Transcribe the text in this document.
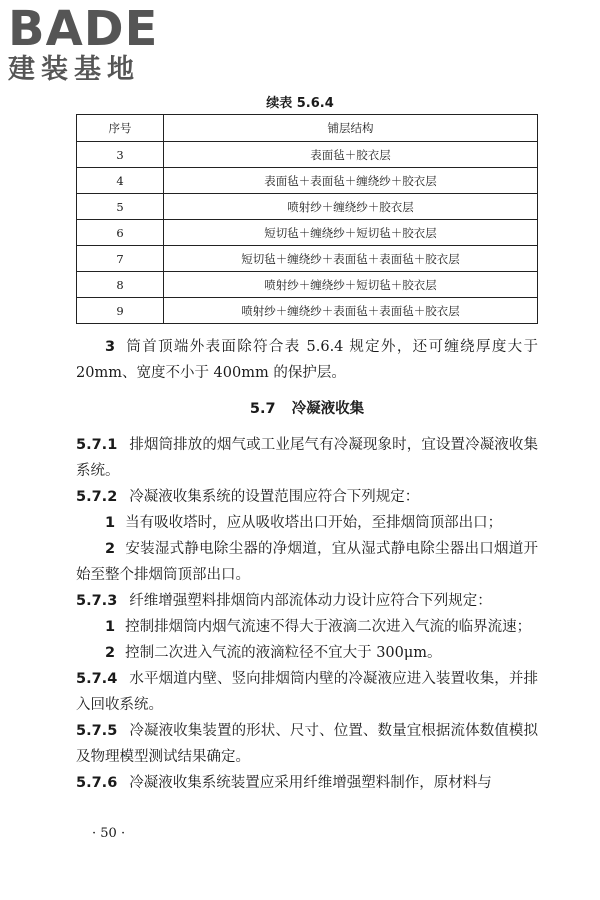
BADE
建装基地
续表 5.6.4
序号	铺层结构
3	表面毡＋胶衣层
4	表面毡＋表面毡＋缠绕纱＋胶衣层
5	喷射纱＋缠绕纱＋胶衣层
6	短切毡＋缠绕纱＋短切毡＋胶衣层
7	短切毡＋缠绕纱＋表面毡＋表面毡＋胶衣层
8	喷射纱＋缠绕纱＋短切毡＋胶衣层
9	喷射纱＋缠绕纱＋表面毡＋表面毡＋胶衣层

3 筒首顶端外表面除符合表 5.6.4 规定外，还可缠绕厚度大于 20mm、宽度不小于 400mm 的保护层。

5.7 冷凝液收集

5.7.1 排烟筒排放的烟气或工业尾气有冷凝现象时，宜设置冷凝液收集系统。

5.7.2 冷凝液收集系统的设置范围应符合下列规定：

1 当有吸收塔时，应从吸收塔出口开始，至排烟筒顶部出口；

2 安装湿式静电除尘器的净烟道，宜从湿式静电除尘器出口烟道开始至整个排烟筒顶部出口。

5.7.3 纤维增强塑料排烟筒内部流体动力设计应符合下列规定：

1 控制排烟筒内烟气流速不得大于液滴二次进入气流的临界流速；

2 控制二次进入气流的液滴粒径不宜大于 300μm。

5.7.4 水平烟道内壁、竖向排烟筒内壁的冷凝液应进入装置收集，并排入回收系统。

5.7.5 冷凝液收集装置的形状、尺寸、位置、数量宜根据流体数值模拟及物理模型测试结果确定。

5.7.6 冷凝液收集系统装置应采用纤维增强塑料制作，原材料与

· 50 ·
